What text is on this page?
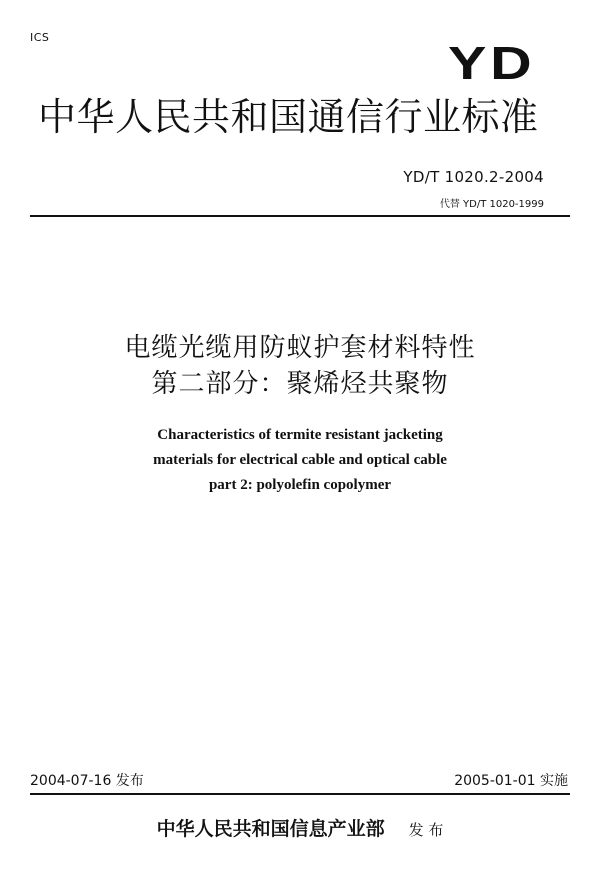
ICS	YD
中华人民共和国通信行业标准
YD/T 1020.2-2004
代替 YD/T 1020-1999
电缆光缆用防蚁护套材料特性
第二部分：聚烯烃共聚物
Characteristics of termite resistant jacketing
materials for electrical cable and optical cable
part 2: polyolefin copolymer
2004-07-16 发布	2005-01-01 实施
中华人民共和国信息产业部 发 布
